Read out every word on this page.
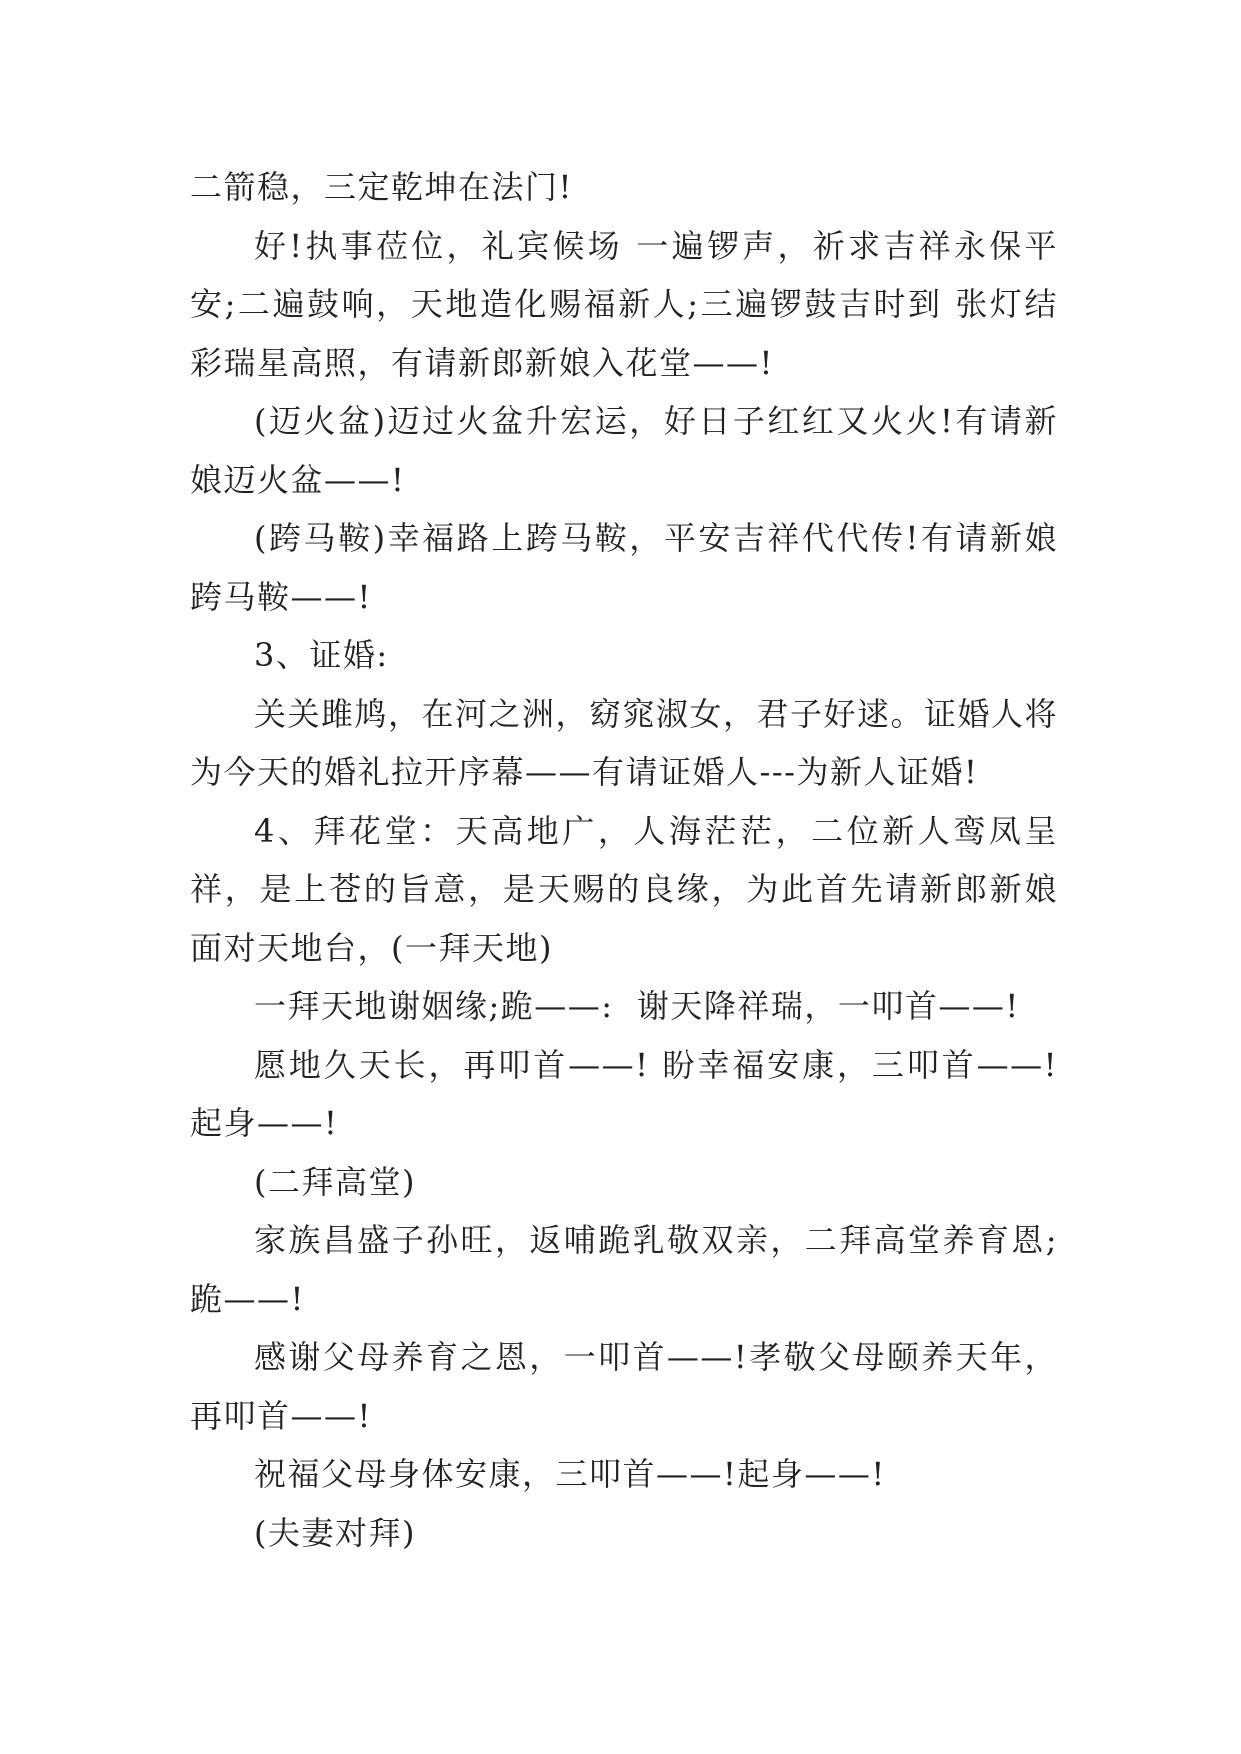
二箭稳，三定乾坤在法门!

好!执事莅位，礼宾候场 一遍锣声，祈求吉祥永保平安;二遍鼓响，天地造化赐福新人;三遍锣鼓吉时到 张灯结彩瑞星高照，有请新郎新娘入花堂——!

(迈火盆)迈过火盆升宏运，好日子红红又火火!有请新娘迈火盆——!

(跨马鞍)幸福路上跨马鞍，平安吉祥代代传!有请新娘跨马鞍——!

3、证婚:

关关雎鸠，在河之洲，窈窕淑女，君子好逑。证婚人将为今天的婚礼拉开序幕——有请证婚人---为新人证婚!

4、拜花堂：天高地广，人海茫茫，二位新人鸾凤呈祥，是上苍的旨意，是天赐的良缘，为此首先请新郎新娘面对天地台，(一拜天地)

一拜天地谢姻缘;跪——:  谢天降祥瑞，一叩首——!

愿地久天长，再叩首——! 盼幸福安康，三叩首——!起身——!

(二拜高堂)

家族昌盛子孙旺，返哺跪乳敬双亲，二拜高堂养育恩;跪——!

感谢父母养育之恩，一叩首——!孝敬父母颐养天年，再叩首——!

祝福父母身体安康，三叩首——!起身——!

(夫妻对拜)
